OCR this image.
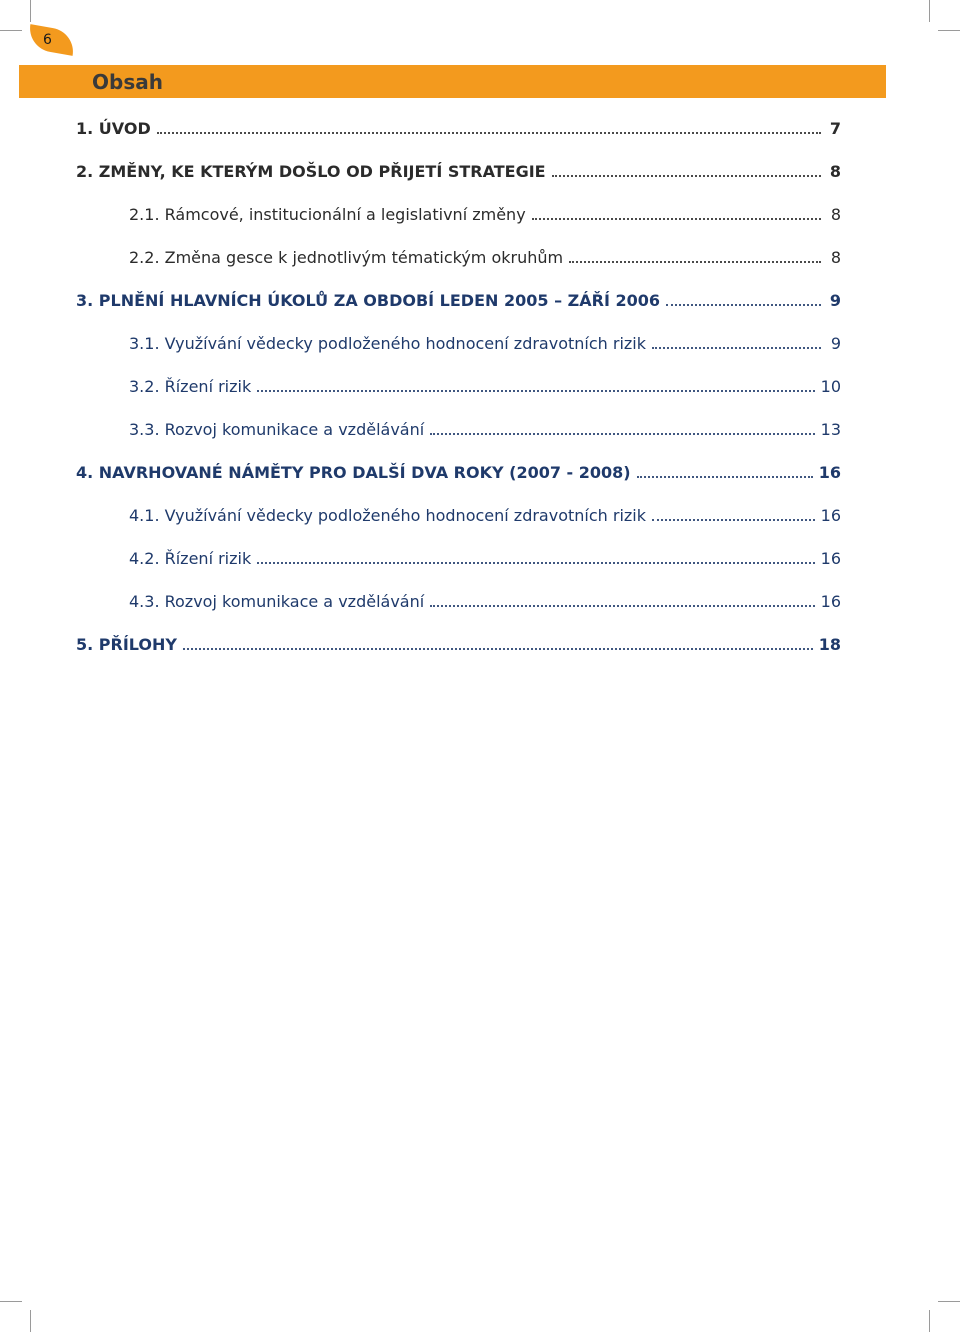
6
Obsah
1. ÚVOD	7
2. ZMĚNY, KE KTERÝM DOŠLO OD PŘIJETÍ STRATEGIE	8
2.1. Rámcové, institucionální a legislativní změny	8
2.2. Změna gesce k jednotlivým tématickým okruhům	8
3. PLNĚNÍ HLAVNÍCH ÚKOLŮ ZA OBDOBÍ LEDEN 2005 – ZÁŘÍ 2006	9
3.1. Využívání vědecky podloženého hodnocení zdravotních rizik	9
3.2. Řízení rizik	10
3.3. Rozvoj komunikace a vzdělávání	13
4. NAVRHOVANÉ NÁMĚTY PRO DALŠÍ DVA ROKY (2007 - 2008)	16
4.1. Využívání vědecky podloženého hodnocení zdravotních rizik	16
4.2. Řízení rizik	16
4.3. Rozvoj komunikace a vzdělávání	16
5. PŘÍLOHY	18
